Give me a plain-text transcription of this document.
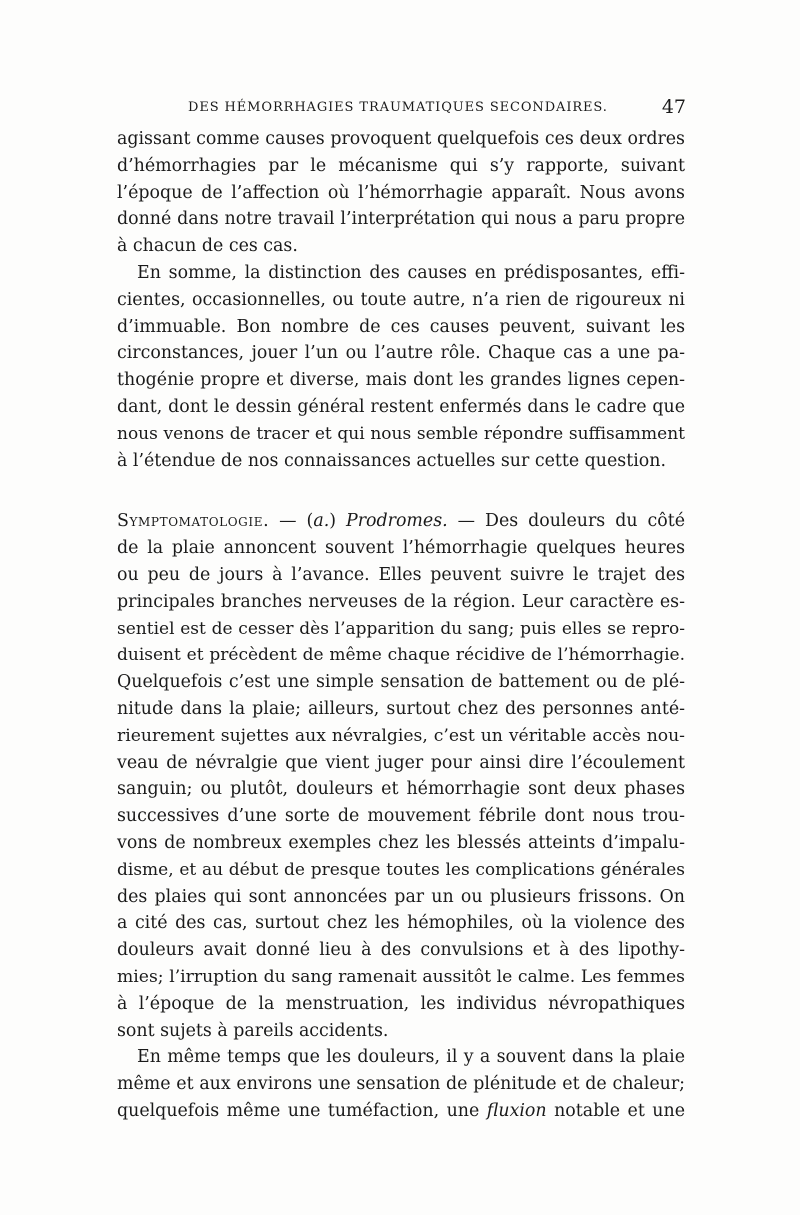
DES HÉMORRHAGIES TRAUMATIQUES SECONDAIRES.	47
agissant comme causes provoquent quelquefois ces deux ordres
d’hémorrhagies par le mécanisme qui s’y rapporte, suivant
l’époque de l’affection où l’hémorrhagie apparaît. Nous avons
donné dans notre travail l’interprétation qui nous a paru propre
à chacun de ces cas.
En somme, la distinction des causes en prédisposantes, effi-
cientes, occasionnelles, ou toute autre, n’a rien de rigoureux ni
d’immuable. Bon nombre de ces causes peuvent, suivant les
circonstances, jouer l’un ou l’autre rôle. Chaque cas a une pa-
thogénie propre et diverse, mais dont les grandes lignes cepen-
dant, dont le dessin général restent enfermés dans le cadre que
nous venons de tracer et qui nous semble répondre suffisamment
à l’étendue de nos connaissances actuelles sur cette question.
Symptomatologie. — (a.) Prodromes. — Des douleurs du côté
de la plaie annoncent souvent l’hémorrhagie quelques heures
ou peu de jours à l’avance. Elles peuvent suivre le trajet des
principales branches nerveuses de la région. Leur caractère es-
sentiel est de cesser dès l’apparition du sang; puis elles se repro-
duisent et précèdent de même chaque récidive de l’hémorrhagie.
Quelquefois c’est une simple sensation de battement ou de plé-
nitude dans la plaie; ailleurs, surtout chez des personnes anté-
rieurement sujettes aux névralgies, c’est un véritable accès nou-
veau de névralgie que vient juger pour ainsi dire l’écoulement
sanguin; ou plutôt, douleurs et hémorrhagie sont deux phases
successives d’une sorte de mouvement fébrile dont nous trou-
vons de nombreux exemples chez les blessés atteints d’impalu-
disme, et au début de presque toutes les complications générales
des plaies qui sont annoncées par un ou plusieurs frissons. On
a cité des cas, surtout chez les hémophiles, où la violence des
douleurs avait donné lieu à des convulsions et à des lipothy-
mies; l’irruption du sang ramenait aussitôt le calme. Les femmes
à l’époque de la menstruation, les individus névropathiques
sont sujets à pareils accidents.
En même temps que les douleurs, il y a souvent dans la plaie
même et aux environs une sensation de plénitude et de chaleur;
quelquefois même une tuméfaction, une fluxion notable et une
